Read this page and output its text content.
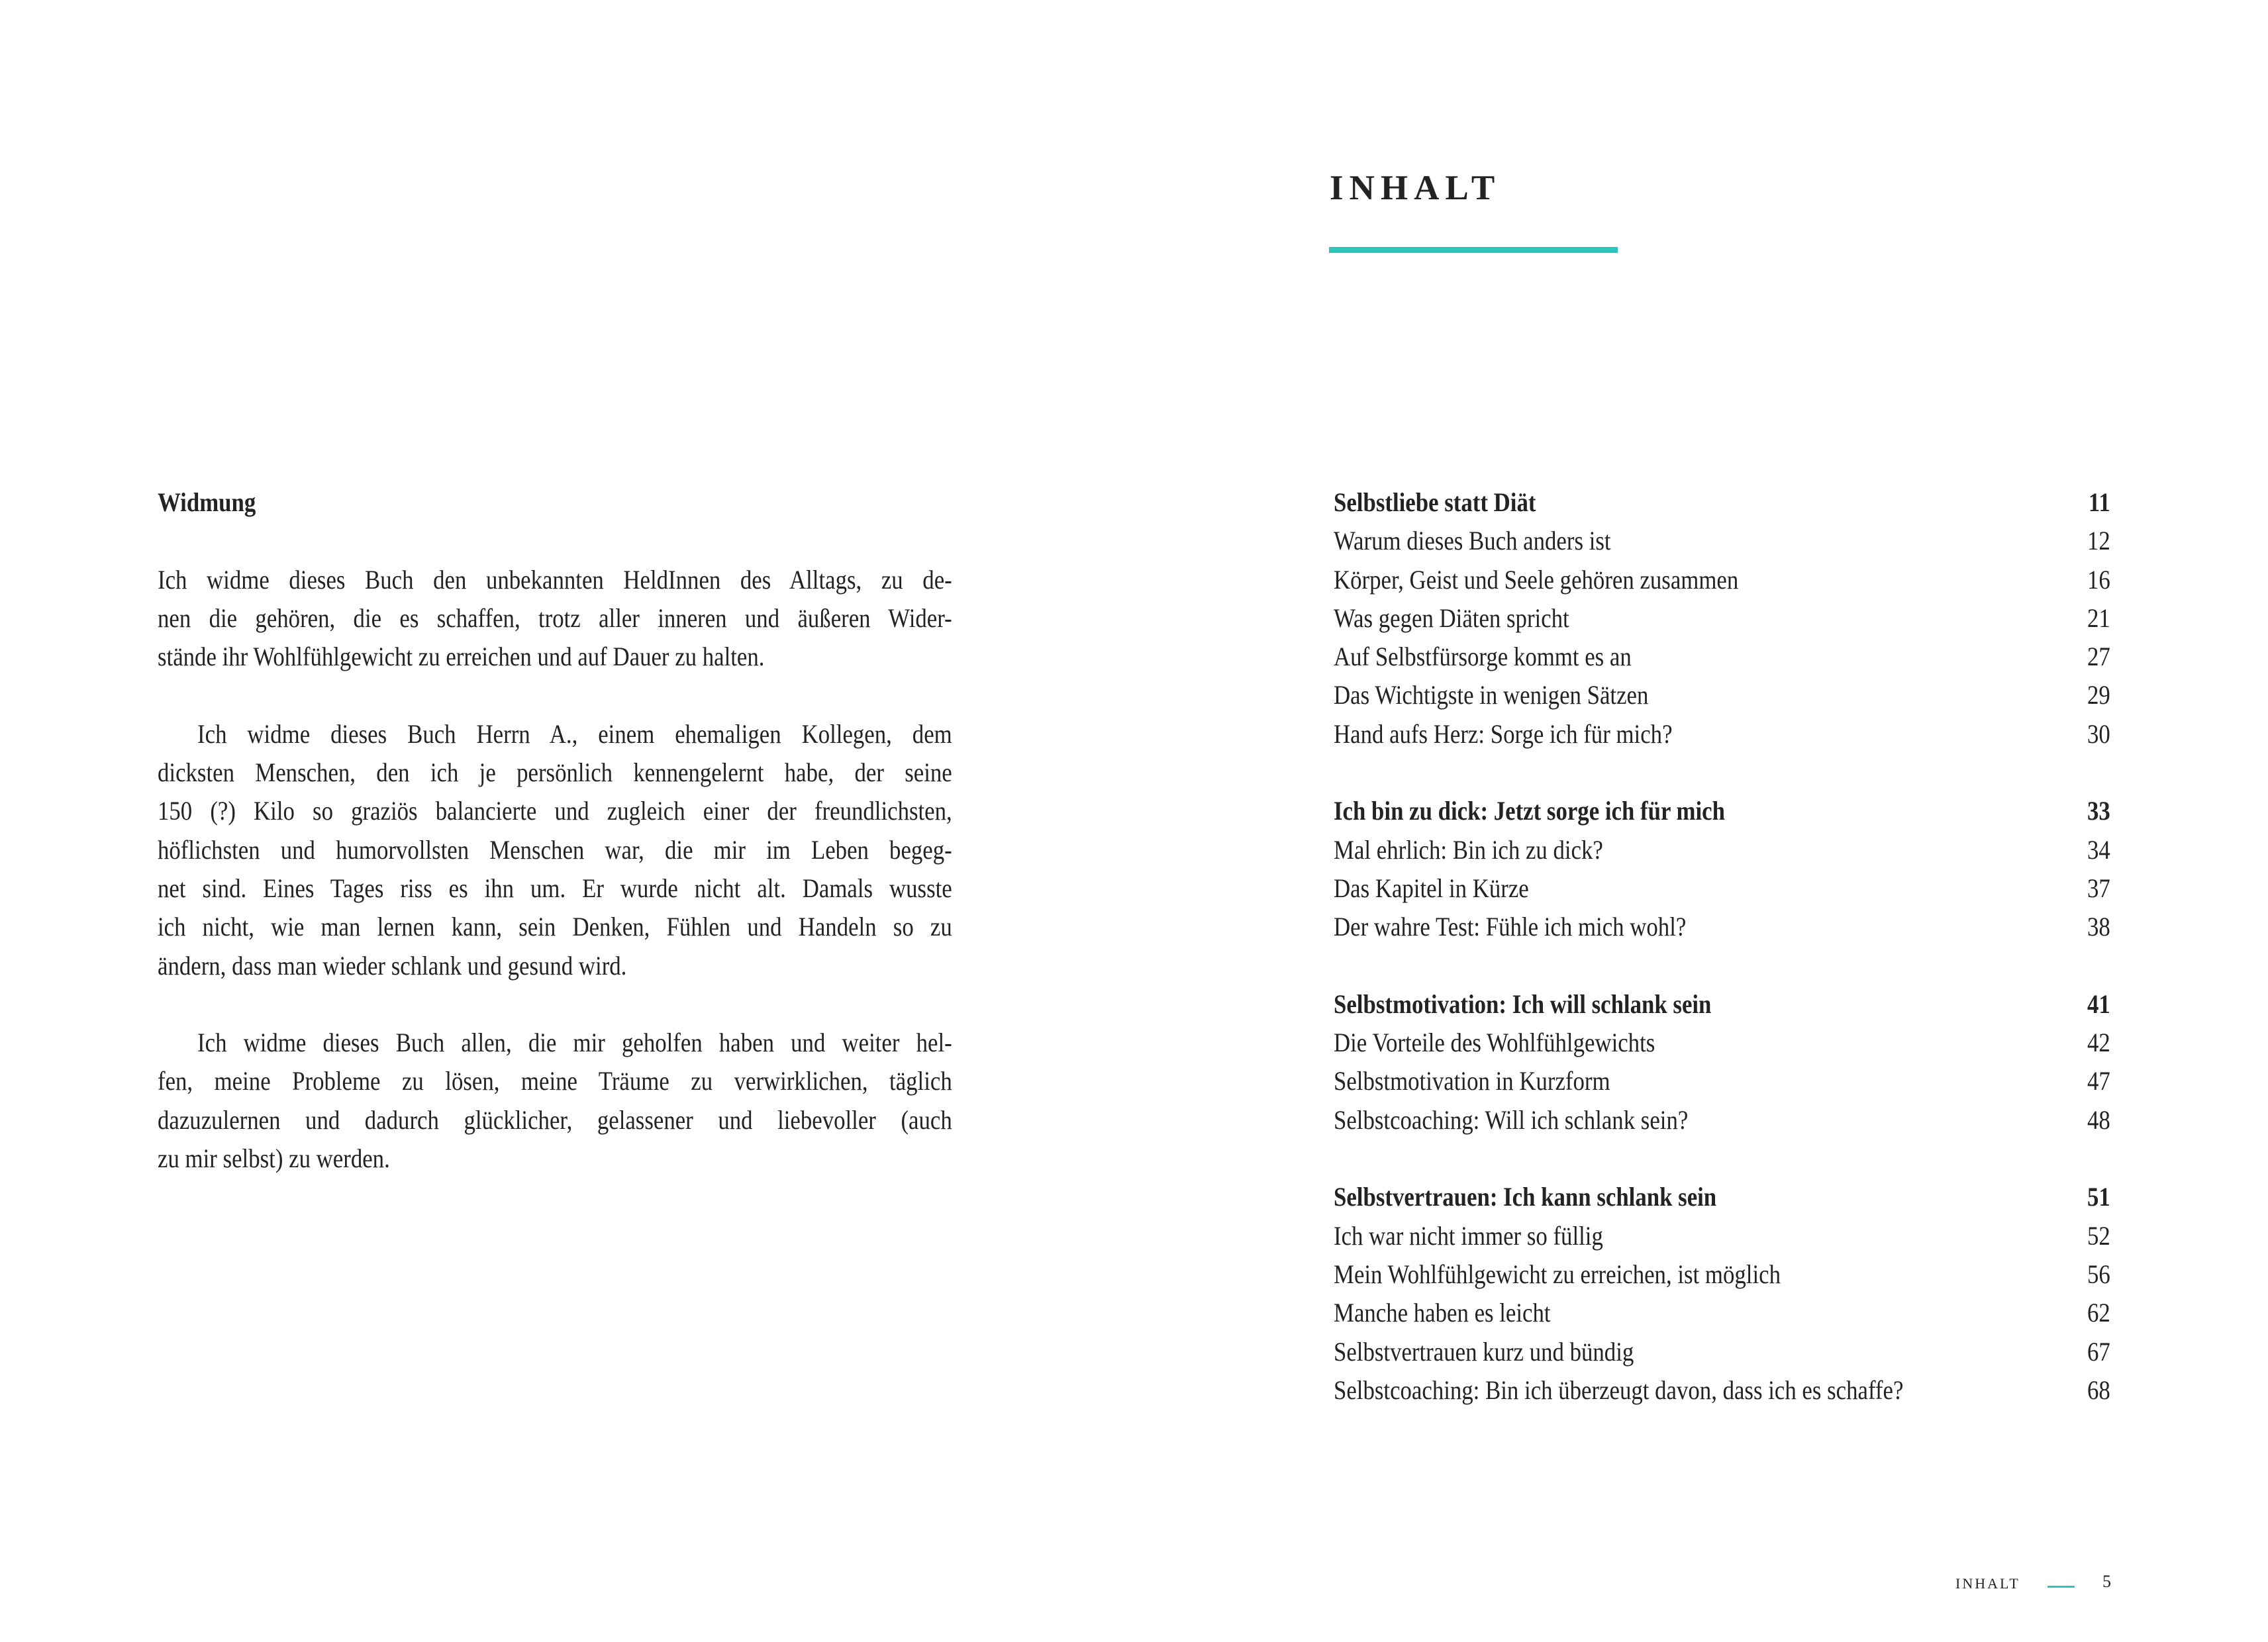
Widmung
Ich widme dieses Buch den unbekannten HeldInnen des Alltags, zu de-
nen die gehören, die es schaffen, trotz aller inneren und äußeren Wider-
stände ihr Wohlfühlgewicht zu erreichen und auf Dauer zu halten.
Ich widme dieses Buch Herrn A., einem ehemaligen Kollegen, dem
dicksten Menschen, den ich je persönlich kennengelernt habe, der seine
150 (?) Kilo so graziös balancierte und zugleich einer der freundlichsten,
höflichsten und humorvollsten Menschen war, die mir im Leben begeg-
net sind. Eines Tages riss es ihn um. Er wurde nicht alt. Damals wusste
ich nicht, wie man lernen kann, sein Denken, Fühlen und Handeln so zu
ändern, dass man wieder schlank und gesund wird.
Ich widme dieses Buch allen, die mir geholfen haben und weiter hel-
fen, meine Probleme zu lösen, meine Träume zu verwirklichen, täglich
dazuzulernen und dadurch glücklicher, gelassener und liebevoller (auch
zu mir selbst) zu werden.
INHALT
Selbstliebe statt Diät	11
Warum dieses Buch anders ist	12
Körper, Geist und Seele gehören zusammen	16
Was gegen Diäten spricht	21
Auf Selbstfürsorge kommt es an	27
Das Wichtigste in wenigen Sätzen	29
Hand aufs Herz: Sorge ich für mich?	30
Ich bin zu dick: Jetzt sorge ich für mich	33
Mal ehrlich: Bin ich zu dick?	34
Das Kapitel in Kürze	37
Der wahre Test: Fühle ich mich wohl?	38
Selbstmotivation: Ich will schlank sein	41
Die Vorteile des Wohlfühlgewichts	42
Selbstmotivation in Kurzform	47
Selbstcoaching: Will ich schlank sein?	48
Selbstvertrauen: Ich kann schlank sein	51
Ich war nicht immer so füllig	52
Mein Wohlfühlgewicht zu erreichen, ist möglich	56
Manche haben es leicht	62
Selbstvertrauen kurz und bündig	67
Selbstcoaching: Bin ich überzeugt davon, dass ich es schaffe?	68
INHALT	5
